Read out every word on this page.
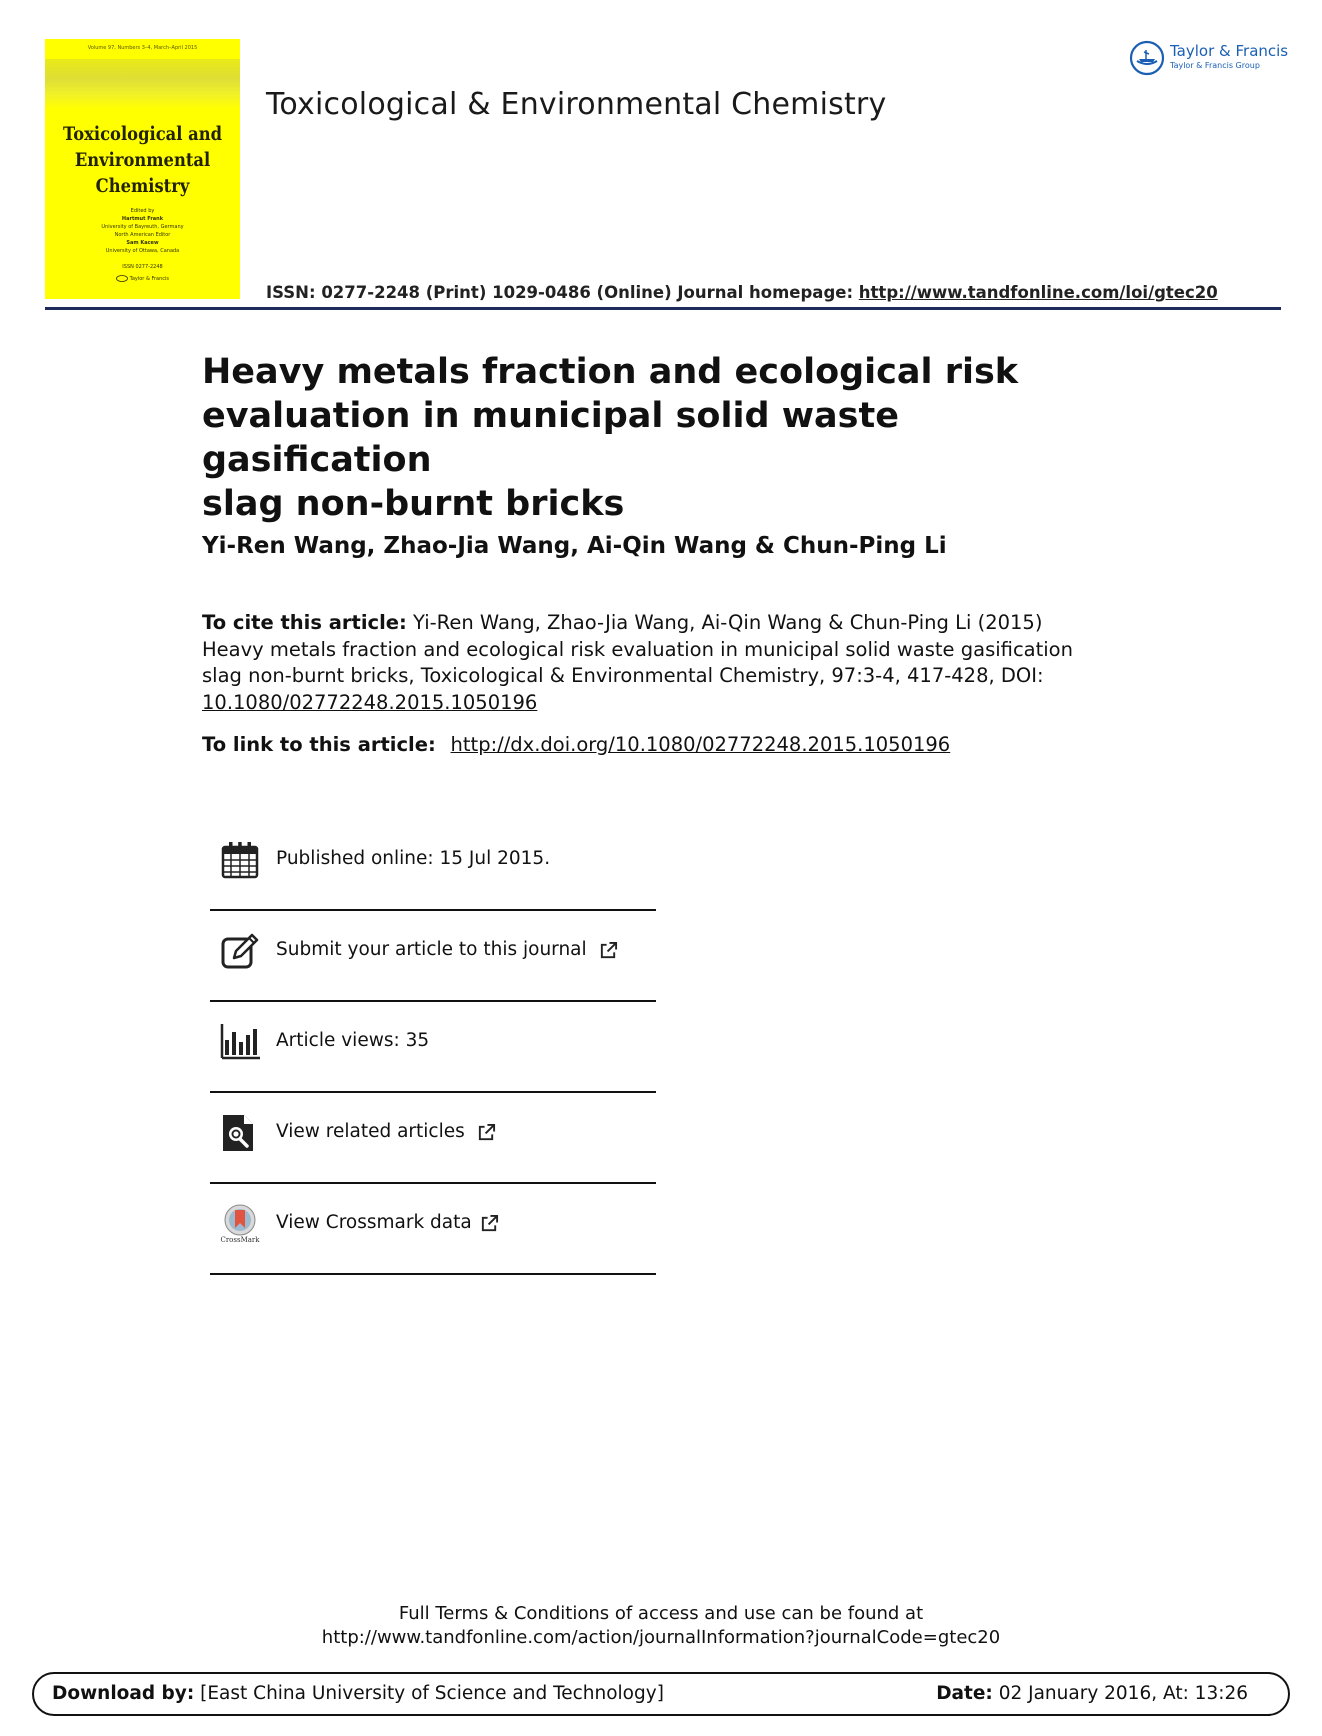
Volume 97, Numbers 3–4, March–April 2015
Toxicological and
Environmental
Chemistry
Edited by
Hartmut Frank
University of Bayreuth, Germany
North American Editor
Sam Kacew
University of Ottawa, Canada
ISSN 0277-2248
Taylor & Francis
Toxicological & Environmental Chemistry
Taylor & Francis
Taylor & Francis Group
ISSN: 0277-2248 (Print) 1029-0486 (Online) Journal homepage: http://www.tandfonline.com/loi/gtec20
Heavy metals fraction and ecological risk
evaluation in municipal solid waste gasification
slag non-burnt bricks
Yi-Ren Wang, Zhao-Jia Wang, Ai-Qin Wang & Chun-Ping Li
To cite this article: Yi-Ren Wang, Zhao-Jia Wang, Ai-Qin Wang & Chun-Ping Li (2015)
Heavy metals fraction and ecological risk evaluation in municipal solid waste gasification
slag non-burnt bricks, Toxicological & Environmental Chemistry, 97:3-4, 417-428, DOI:
10.1080/02772248.2015.1050196
To link to this article: http://dx.doi.org/10.1080/02772248.2015.1050196
Published online: 15 Jul 2015.
Submit your article to this journal
Article views: 35
View related articles
CrossMark
View Crossmark data
Full Terms & Conditions of access and use can be found at
http://www.tandfonline.com/action/journalInformation?journalCode=gtec20
Download by: [East China University of Science and Technology]	Date: 02 January 2016, At: 13:26
